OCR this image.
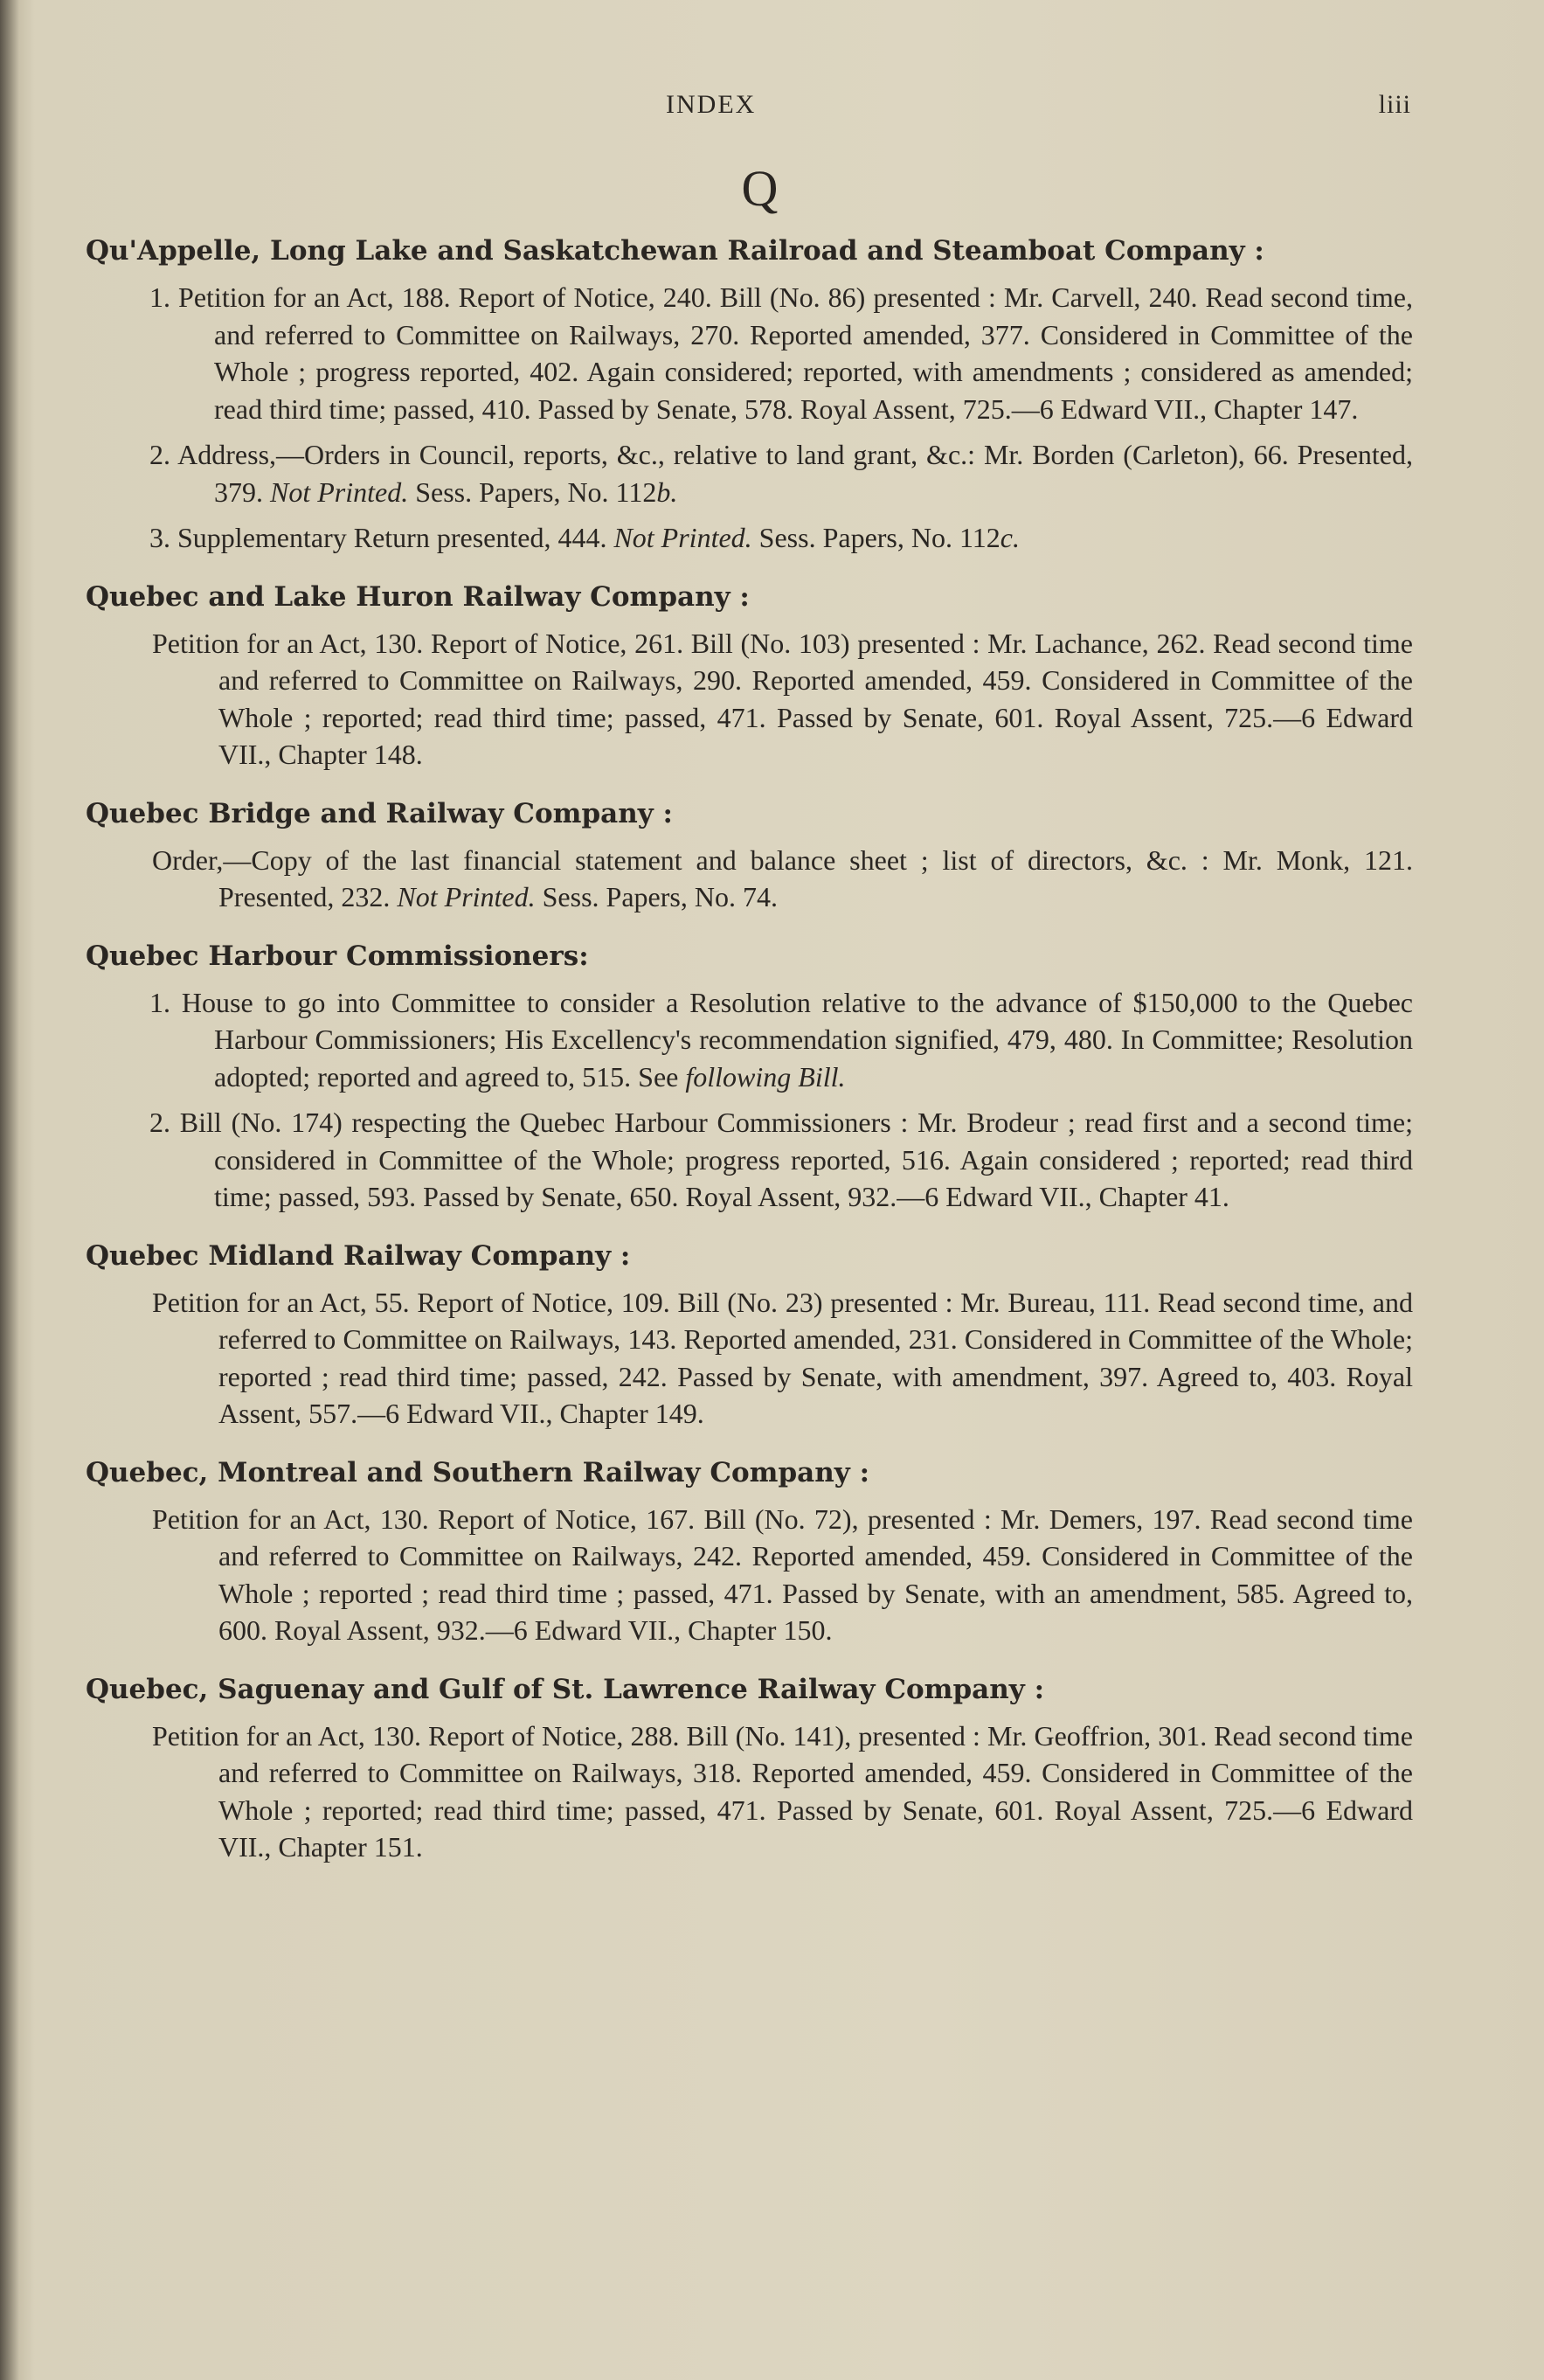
INDEX	liii
Q
Qu'Appelle, Long Lake and Saskatchewan Railroad and Steamboat Company :
1. Petition for an Act, 188. Report of Notice, 240. Bill (No. 86) presented : Mr. Carvell, 240. Read second time, and referred to Committee on Railways, 270. Reported amended, 377. Considered in Committee of the Whole ; progress reported, 402. Again considered; reported, with amendments ; considered as amended; read third time; passed, 410. Passed by Senate, 578. Royal Assent, 725.—6 Edward VII., Chapter 147.
2. Address,—Orders in Council, reports, &c., relative to land grant, &c.: Mr. Borden (Carleton), 66. Presented, 379. Not Printed. Sess. Papers, No. 112b.
3. Supplementary Return presented, 444. Not Printed. Sess. Papers, No. 112c.
Quebec and Lake Huron Railway Company :
Petition for an Act, 130. Report of Notice, 261. Bill (No. 103) presented : Mr. Lachance, 262. Read second time and referred to Committee on Railways, 290. Reported amended, 459. Considered in Committee of the Whole ; reported; read third time; passed, 471. Passed by Senate, 601. Royal Assent, 725.—6 Edward VII., Chapter 148.
Quebec Bridge and Railway Company :
Order,—Copy of the last financial statement and balance sheet ; list of directors, &c. : Mr. Monk, 121. Presented, 232. Not Printed. Sess. Papers, No. 74.
Quebec Harbour Commissioners:
1. House to go into Committee to consider a Resolution relative to the advance of $150,000 to the Quebec Harbour Commissioners; His Excellency's recommendation signified, 479, 480. In Committee; Resolution adopted; reported and agreed to, 515. See following Bill.
2. Bill (No. 174) respecting the Quebec Harbour Commissioners : Mr. Brodeur ; read first and a second time; considered in Committee of the Whole; progress reported, 516. Again considered ; reported; read third time; passed, 593. Passed by Senate, 650. Royal Assent, 932.—6 Edward VII., Chapter 41.
Quebec Midland Railway Company :
Petition for an Act, 55. Report of Notice, 109. Bill (No. 23) presented : Mr. Bureau, 111. Read second time, and referred to Committee on Railways, 143. Reported amended, 231. Considered in Committee of the Whole; reported ; read third time; passed, 242. Passed by Senate, with amendment, 397. Agreed to, 403. Royal Assent, 557.—6 Edward VII., Chapter 149.
Quebec, Montreal and Southern Railway Company :
Petition for an Act, 130. Report of Notice, 167. Bill (No. 72), presented : Mr. Demers, 197. Read second time and referred to Committee on Railways, 242. Reported amended, 459. Considered in Committee of the Whole ; reported ; read third time ; passed, 471. Passed by Senate, with an amendment, 585. Agreed to, 600. Royal Assent, 932.—6 Edward VII., Chapter 150.
Quebec, Saguenay and Gulf of St. Lawrence Railway Company :
Petition for an Act, 130. Report of Notice, 288. Bill (No. 141), presented : Mr. Geoffrion, 301. Read second time and referred to Committee on Railways, 318. Reported amended, 459. Considered in Committee of the Whole ; reported; read third time; passed, 471. Passed by Senate, 601. Royal Assent, 725.—6 Edward VII., Chapter 151.
